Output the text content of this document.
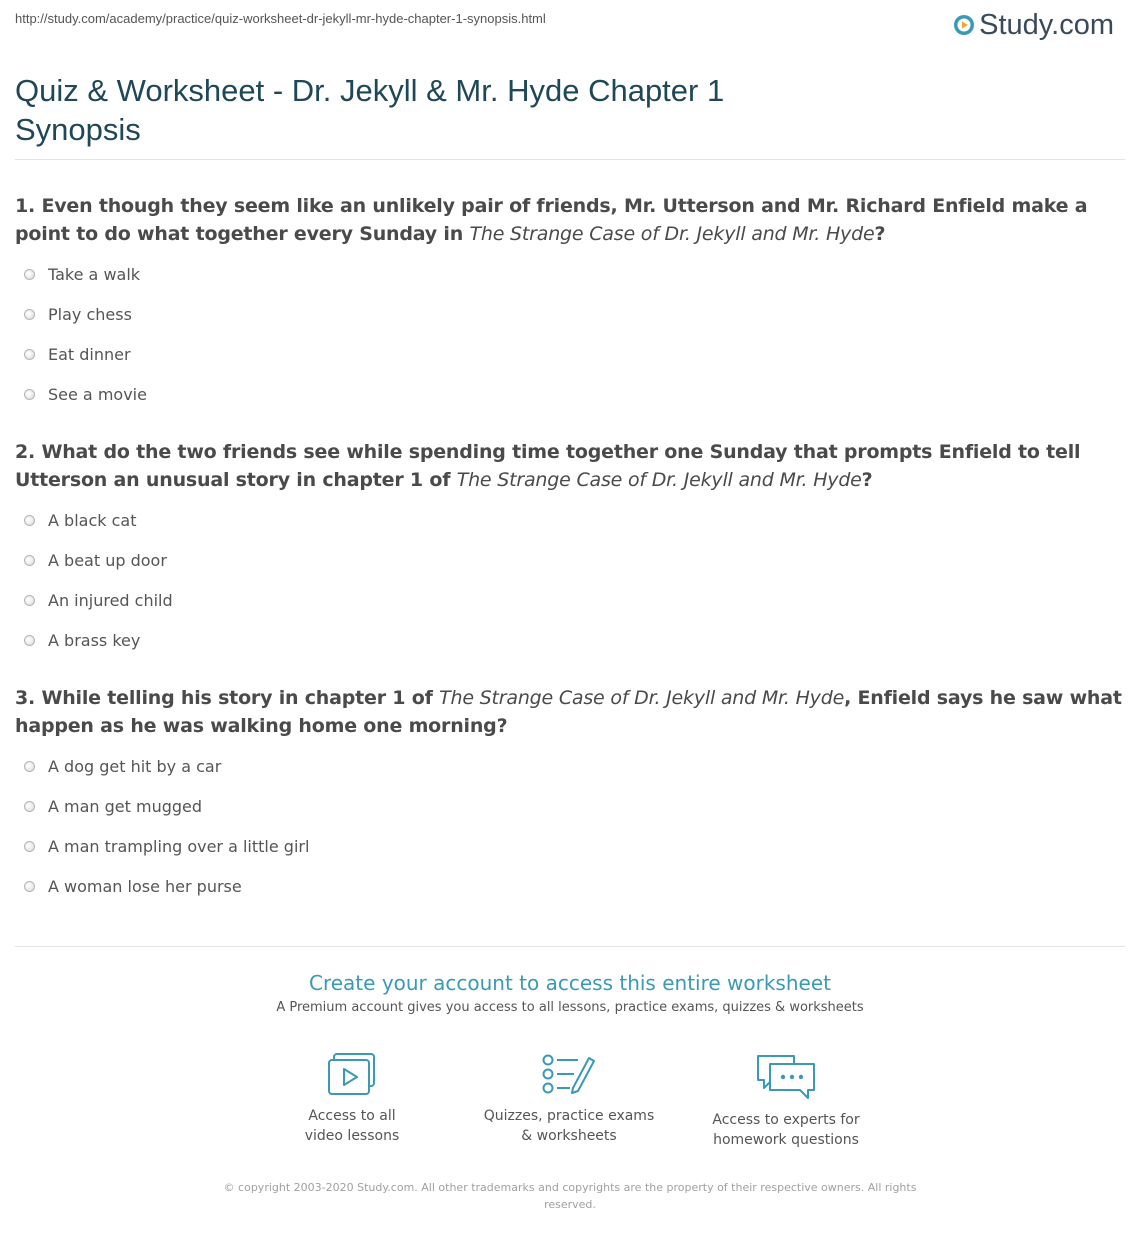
http://study.com/academy/practice/quiz-worksheet-dr-jekyll-mr-hyde-chapter-1-synopsis.html	Study.com
Quiz & Worksheet - Dr. Jekyll & Mr. Hyde Chapter 1 Synopsis

1. Even though they seem like an unlikely pair of friends, Mr. Utterson and Mr. Richard Enfield make a point to do what together every Sunday in The Strange Case of Dr. Jekyll and Mr. Hyde?

Take a walk
Play chess
Eat dinner
See a movie

2. What do the two friends see while spending time together one Sunday that prompts Enfield to tell Utterson an unusual story in chapter 1 of The Strange Case of Dr. Jekyll and Mr. Hyde?

A black cat
A beat up door
An injured child
A brass key

3. While telling his story in chapter 1 of The Strange Case of Dr. Jekyll and Mr. Hyde, Enfield says he saw what happen as he was walking home one morning?

A dog get hit by a car
A man get mugged
A man trampling over a little girl
A woman lose her purse

Create your account to access this entire worksheet

A Premium account gives you access to all lessons, practice exams, quizzes & worksheets
Access to all
video lessons
Quizzes, practice exams
& worksheets
Access to experts for
homework questions
© copyright 2003-2020 Study.com. All other trademarks and copyrights are the property of their respective owners. All rights reserved.
